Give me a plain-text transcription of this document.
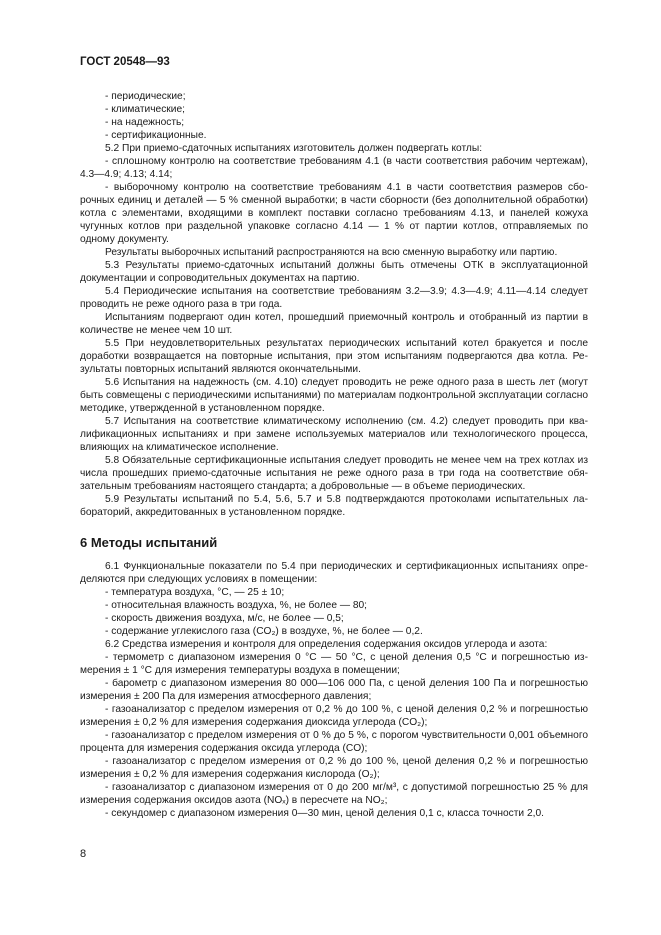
ГОСТ 20548—93

- периодические;

- климатические;

- на надежность;

- сертификационные.

5.2 При приемо-сдаточных испытаниях изготовитель должен подвергать котлы:

- сплошному контролю на соответствие требованиям 4.1 (в части соответствия рабочим чертежам), 4.3—4.9; 4.13; 4.14;

- выборочному контролю на соответствие требованиям 4.1 в части соответствия размеров сборочных единиц и деталей — 5 % сменной выработки; в части сборности (без дополнительной обработки) котла с элементами, входящими в комплект поставки согласно требованиям 4.13, и панелей кожуха чугунных котлов при раздельной упаковке согласно 4.14 — 1 % от партии котлов, отправляемых по одному документу.

Результаты выборочных испытаний распространяются на всю сменную выработку или партию.

5.3 Результаты приемо-сдаточных испытаний должны быть отмечены ОТК в эксплуатационной документации и сопроводительных документах на партию.

5.4 Периодические испытания на соответствие требованиям 3.2—3.9; 4.3—4.9; 4.11—4.14 следует проводить не реже одного раза в три года.

Испытаниям подвергают один котел, прошедший приемочный контроль и отобранный из партии в количестве не менее чем 10 шт.

5.5 При неудовлетворительных результатах периодических испытаний котел бракуется и после доработки возвращается на повторные испытания, при этом испытаниям подвергаются два котла. Результаты повторных испытаний являются окончательными.

5.6 Испытания на надежность (см. 4.10) следует проводить не реже одного раза в шесть лет (могут быть совмещены с периодическими испытаниями) по материалам подконтрольной эксплуатации согласно методике, утвержденной в установленном порядке.

5.7 Испытания на соответствие климатическому исполнению (см. 4.2) следует проводить при квалификационных испытаниях и при замене используемых материалов или технологического процесса, влияющих на климатическое исполнение.

5.8 Обязательные сертификационные испытания следует проводить не менее чем на трех котлах из числа прошедших приемо-сдаточные испытания не реже одного раза в три года на соответствие обязательным требованиям настоящего стандарта; а добровольные — в объеме периодических.

5.9 Результаты испытаний по 5.4, 5.6, 5.7 и 5.8 подтверждаются протоколами испытательных лабораторий, аккредитованных в установленном порядке.

6 Методы испытаний

6.1 Функциональные показатели по 5.4 при периодических и сертификационных испытаниях определяются при следующих условиях в помещении:

- температура воздуха, °С, — 25 ± 10;

- относительная влажность воздуха, %, не более — 80;

- скорость движения воздуха, м/с, не более — 0,5;

- содержание углекислого газа (CO₂) в воздухе, %, не более — 0,2.

6.2 Средства измерения и контроля для определения содержания оксидов углерода и азота:

- термометр с диапазоном измерения 0 °С — 50 °С, с ценой деления 0,5 °С и погрешностью измерения ± 1 °С для измерения температуры воздуха в помещении;

- барометр с диапазоном измерения 80 000—106 000 Па, с ценой деления 100 Па и погрешностью измерения ± 200 Па для измерения атмосферного давления;

- газоанализатор с пределом измерения от 0,2 % до 100 %, с ценой деления 0,2 % и погрешностью измерения ± 0,2 % для измерения содержания диоксида углерода (CO₂);

- газоанализатор с пределом измерения от 0 % до 5 %, с порогом чувствительности 0,001 объемного процента для измерения содержания оксида углерода (CO);

- газоанализатор с пределом измерения от 0,2 % до 100 %, ценой деления 0,2 % и погрешностью измерения ± 0,2 % для измерения содержания кислорода (O₂);

- газоанализатор с диапазоном измерения от 0 до 200 мг/м³, с допустимой погрешностью 25 % для измерения содержания оксидов азота (NOₓ) в пересчете на NO₂;

- секундомер с диапазоном измерения 0—30 мин, ценой деления 0,1 с, класса точности 2,0.

8
